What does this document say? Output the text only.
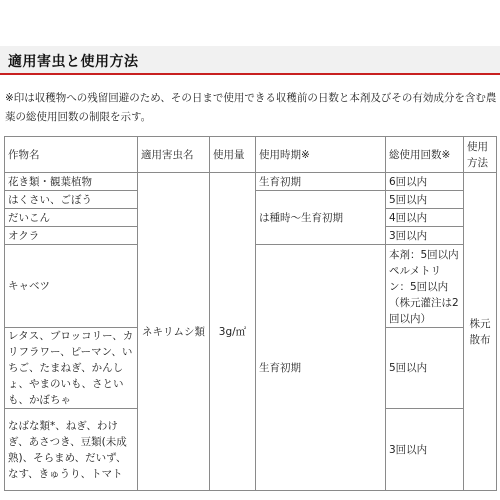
適用害虫と使用方法
※印は収穫物への残留回避のため、その日まで使用できる収穫前の日数と本剤及びその有効成分を含む農薬の総使用回数の制限を示す。
作物名	適用害虫名	使用量	使用時期※	総使用回数※	使用
方法
花き類・観葉植物	ネキリムシ類	3g/㎡	生育初期	6回以内	株元
散布
はくさい、ごぼう			は種時～生育初期	5回以内	
だいこん				4回以内	
オクラ				3回以内	
キャベツ			生育初期	本剤：5回以内
ペルメトリン：5回以内（株元灌注は2回以内）	
レタス、ブロッコリー、カリフラワー、ピーマン、いちご、たまねぎ、かんしょ、やまのいも、さといも、かぼちゃ				5回以内	
なばな類*、ねぎ、わけぎ、あさつき、豆類(未成熟)、そらまめ、だいず、なす、きゅうり、トマト				3回以内	
